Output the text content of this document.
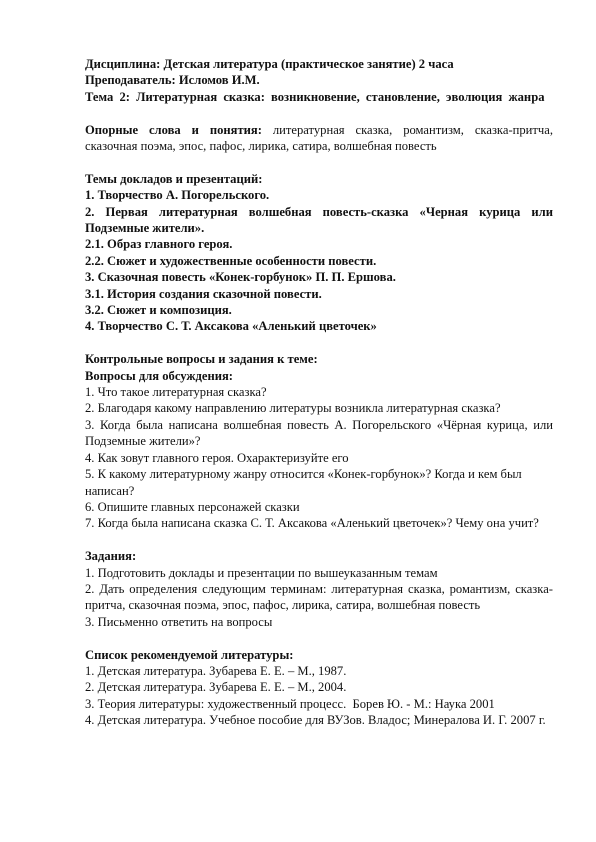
Дисциплина: Детская литература (практическое занятие) 2 часа
Преподаватель: Исломов И.М.
Тема 2: Литературная сказка: возникновение, становление, эволюция жанра
Опорные слова и понятия: литературная сказка, романтизм, сказка-притча, сказочная поэма, эпос, пафос, лирика, сатира, волшебная повесть
Темы докладов и презентаций:
1. Творчество А. Погорельского.
2. Первая литературная волшебная повесть-сказка «Черная курица или Подземные жители».
2.1. Образ главного героя.
2.2. Сюжет и художественные особенности повести.
3. Сказочная повесть «Конек-горбунок» П. П. Ершова.
3.1. История создания сказочной повести.
3.2. Сюжет и композиция.
4. Творчество С. Т. Аксакова «Аленький цветочек»
Контрольные вопросы и задания к теме:
Вопросы для обсуждения:
1. Что такое литературная сказка?
2. Благодаря какому направлению литературы возникла литературная сказка?
3. Когда была написана волшебная повесть А. Погорельского «Чёрная курица, или Подземные жители»?
4. Как зовут главного героя. Охарактеризуйте его
5. К какому литературному жанру относится «Конек-горбунок»? Когда и кем был написан?
6. Опишите главных персонажей сказки
7. Когда была написана сказка С. Т. Аксакова «Аленький цветочек»? Чему она учит?
Задания:
1. Подготовить доклады и презентации по вышеуказанным темам
2. Дать определения следующим терминам: литературная сказка, романтизм, сказка-притча, сказочная поэма, эпос, пафос, лирика, сатира, волшебная повесть
3. Письменно ответить на вопросы
Список рекомендуемой литературы:
1. Детская литература. Зубарева Е. Е. – М., 1987.
2. Детская литература. Зубарева Е. Е. – М., 2004.
3. Теория литературы: художественный процесс.  Борев Ю. - М.: Наука 2001
4. Детская литература. Учебное пособие для ВУЗов. Владос; Минералова И. Г. 2007 г.
